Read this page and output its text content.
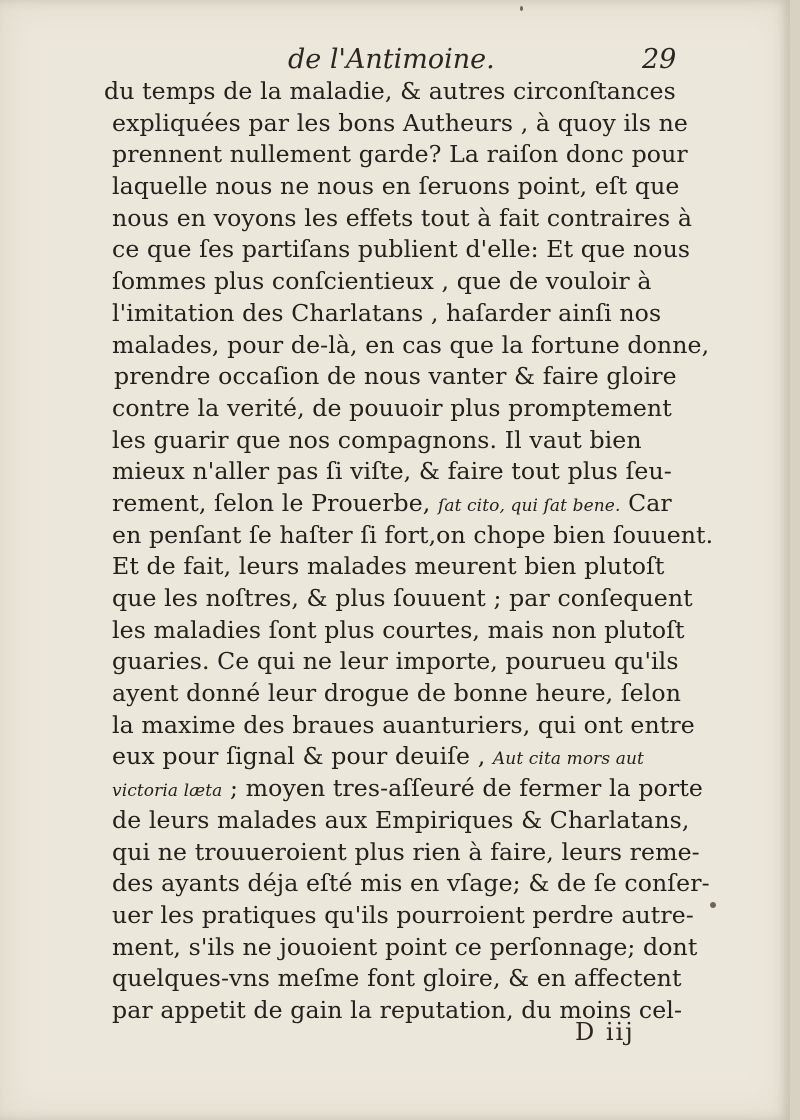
de l'Antimoine.	29
du temps de la maladie, & autres circonſtances
expliquées par les bons Autheurs , à quoy ils ne
prennent nullement garde? La raiſon donc pour
laquelle nous ne nous en ſeruons point, eſt que
nous en voyons les effets tout à fait contraires à
ce que ſes partiſans publient d'elle: Et que nous
ſommes plus conſcientieux , que de vouloir à
l'imitation des Charlatans , haſarder ainſi nos
malades, pour de-là, en cas que la fortune donne,
prendre occaſion de nous vanter & faire gloire
contre la verité, de pouuoir plus promptement
les guarir que nos compagnons. Il vaut bien
mieux n'aller pas ſi viſte, & faire tout plus ſeu-
rement, ſelon le Prouerbe, ſat cito, qui ſat bene. Car
en penſant ſe haſter ſi fort,on chope bien ſouuent.
Et de fait, leurs malades meurent bien plutoſt
que les noſtres, & plus ſouuent ; par conſequent
les maladies ſont plus courtes, mais non plutoſt
guaries. Ce qui ne leur importe, pourueu qu'ils
ayent donné leur drogue de bonne heure, ſelon
la maxime des braues auanturiers, qui ont entre
eux pour ſignal & pour deuiſe , Aut cita mors aut
victoria læta ; moyen tres-aſſeuré de fermer la porte
de leurs malades aux Empiriques & Charlatans,
qui ne trouueroient plus rien à faire, leurs reme-
des ayants déja eſté mis en vſage; & de ſe conſer-
uer les pratiques qu'ils pourroient perdre autre-
ment, s'ils ne jouoient point ce perſonnage; dont
quelques-vns meſme font gloire, & en affectent
par appetit de gain la reputation, du moins cel-
D iij
